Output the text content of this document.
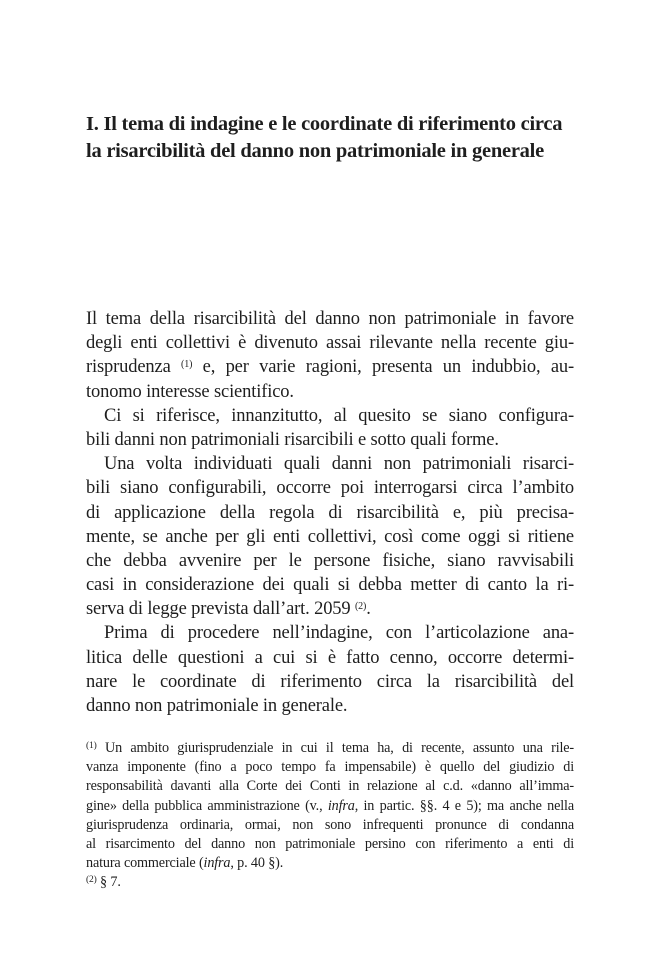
I. Il tema di indagine e le coordinate di riferimento circa
la risarcibilità del danno non patrimoniale in generale
Il tema della risarcibilità del danno non patrimoniale in favore
degli enti collettivi è divenuto assai rilevante nella recente giu-
risprudenza $^{(1)}$ e, per varie ragioni, presenta un indubbio, au-
tonomo interesse scientifico.
Ci si riferisce, innanzitutto, al quesito se siano configura-
bili danni non patrimoniali risarcibili e sotto quali forme.
Una volta individuati quali danni non patrimoniali risarci-
bili siano configurabili, occorre poi interrogarsi circa l’ambito
di applicazione della regola di risarcibilità e, più precisa-
mente, se anche per gli enti collettivi, così come oggi si ritiene
che debba avvenire per le persone fisiche, siano ravvisabili
casi in considerazione dei quali si debba metter di canto la ri-
serva di legge prevista dall’art. 2059 $^{(2)}$.
Prima di procedere nell’indagine, con l’articolazione ana-
litica delle questioni a cui si è fatto cenno, occorre determi-
nare le coordinate di riferimento circa la risarcibilità del
danno non patrimoniale in generale.
$^{(1)}$ Un ambito giurisprudenziale in cui il tema ha, di recente, assunto una rile-
vanza imponente (fino a poco tempo fa impensabile) è quello del giudizio di
responsabilità davanti alla Corte dei Conti in relazione al c.d. «danno all’imma-
gine» della pubblica amministrazione (v., infra, in partic. §§. 4 e 5); ma anche nella
giurisprudenza ordinaria, ormai, non sono infrequenti pronunce di condanna
al risarcimento del danno non patrimoniale persino con riferimento a enti di
natura commerciale (infra, p. 40 §).
$^{(2)}$ § 7.
